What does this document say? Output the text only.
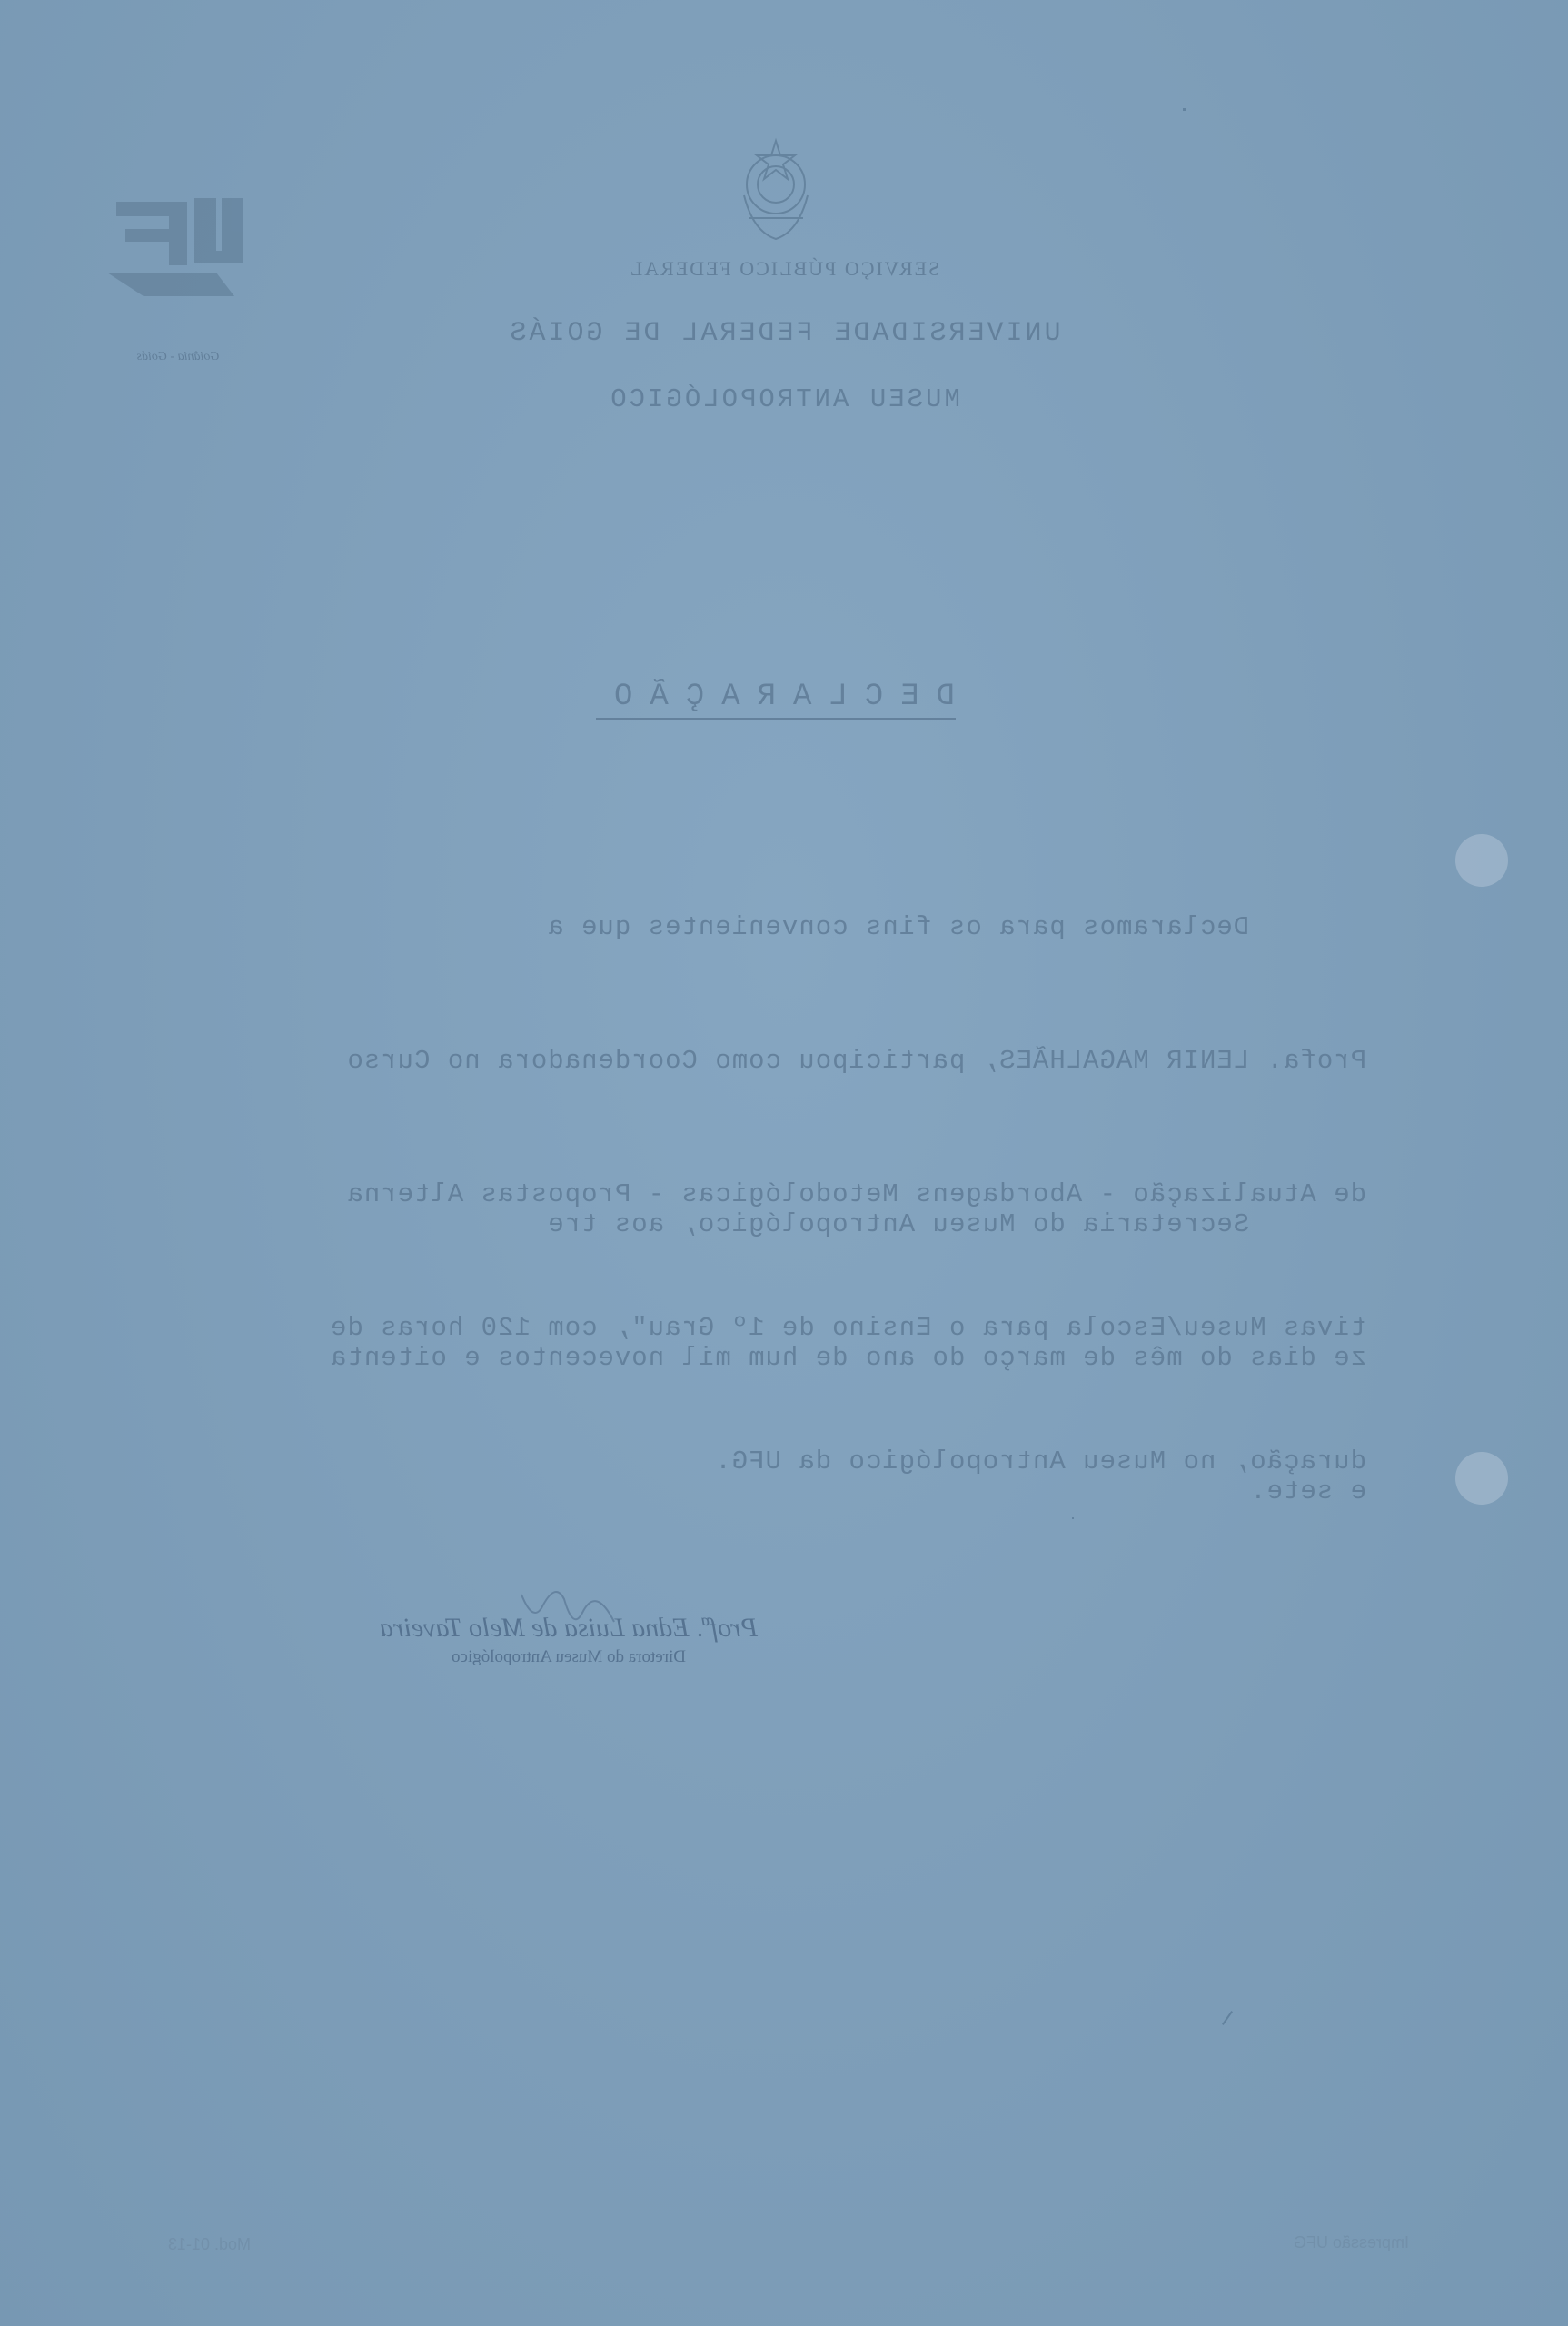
Goiânia - Goiás
SERVIÇO PÚBLICO FEDERAL
UNIVERSIDADE FEDERAL DE GOIÁS
MUSEU ANTROPOLÓGICO
DECLARAÇÃO

Declaramos para os fins convenientes que a

Profa. LENIR MAGALHÃES, participou como Coordenadora no Curso

de Atualização - Abordagens Metodológicas - Propostas Alterna

tivas Museu/Escola para o Ensino de 1º Grau", com 120 horas de

duração, no Museu Antropológico da UFG.

Secretaria do Museu Antropológico, aos tre

ze dias do mês de março do ano de hum mil novecentos e oitenta

e sete.

Profª. Edna Luisa de Melo Taveira
Diretora do Museu Antropológico
Impressão UFG
Mod. 01-13
